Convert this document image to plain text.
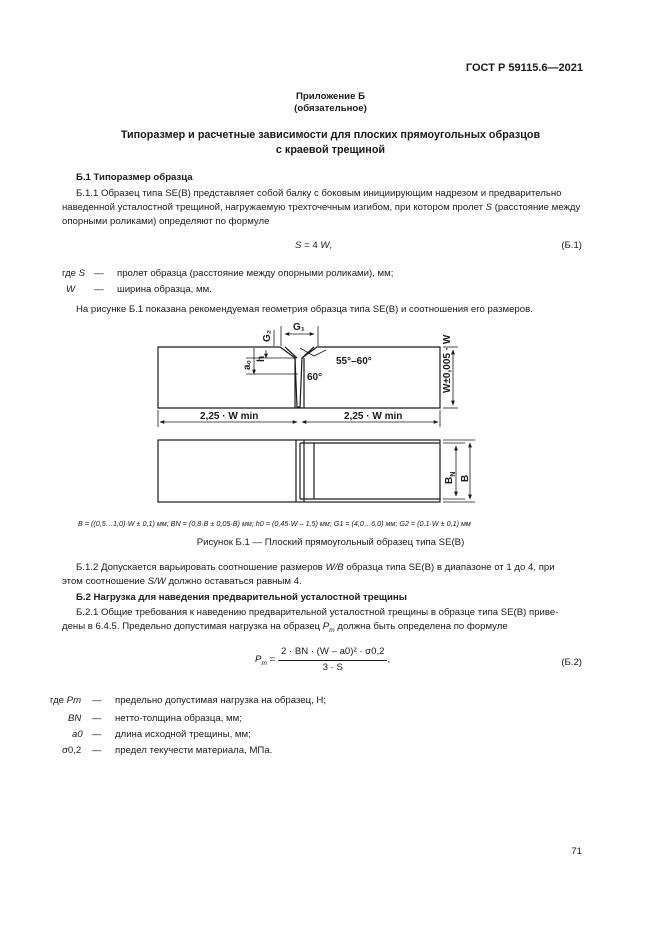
ГОСТ Р 59115.6—2021
Приложение Б
(обязательное)
Типоразмер и расчетные зависимости для плоских прямоугольных образцов
с краевой трещиной
Б.1 Типоразмер образца
Б.1.1 Образец типа SE(B) представляет собой балку с боковым инициирующим надрезом и предварительно
наведенной усталостной трещиной, нагружаемую трехточечным изгибом, при котором пролет S (расстояние между
опорными роликами) определяют по формуле
S = 4 W,	(Б.1)
где S — пролет образца (расстояние между опорными роликами), мм;
W — ширина образца, мм.
На рисунке Б.1 показана рекомендуемая геометрия образца типа SE(B) и соотношения его размеров.
G₁
G₂
a₀
h	55°–60°
60°	W±0,005 · W
2,25 · W min	2,25 · W min
$B_N$
B
B = ((0,5…1,0)·W ± 0,1) мм; BN = (0,8·B ± 0,05·B) мм; h0 = (0,45·W – 1,5) мм; G1 = (4,0…6,0) мм; G2 = (0,1·W ± 0,1) мм
Рисунок Б.1 — Плоский прямоугольный образец типа SE(B)
Б.1.2 Допускается варьировать соотношение размеров W/B образца типа SE(B) в диапазоне от 1 до 4, при
этом соотношение S/W должно оставаться равным 4.
Б.2 Нагрузка для наведения предварительной усталостной трещины
Б.2.1 Общие требования к наведению предварительной усталостной трещины в образце типа SE(B) приве-
дены в 6.4.5. Предельно допустимая нагрузка на образец $P_m$ должна быть определена по формуле
$P_m = \frac{\text{2 · BN · (W – a0)² · σ0,2}}{3 \cdot S}$ ,	(Б.2)
где Pm — предельно допустимая нагрузка на образец, Н;
BN — нетто-толщина образца, мм;
a0 — длина исходной трещины, мм;
σ0,2 — предел текучести материала, МПа.
71
